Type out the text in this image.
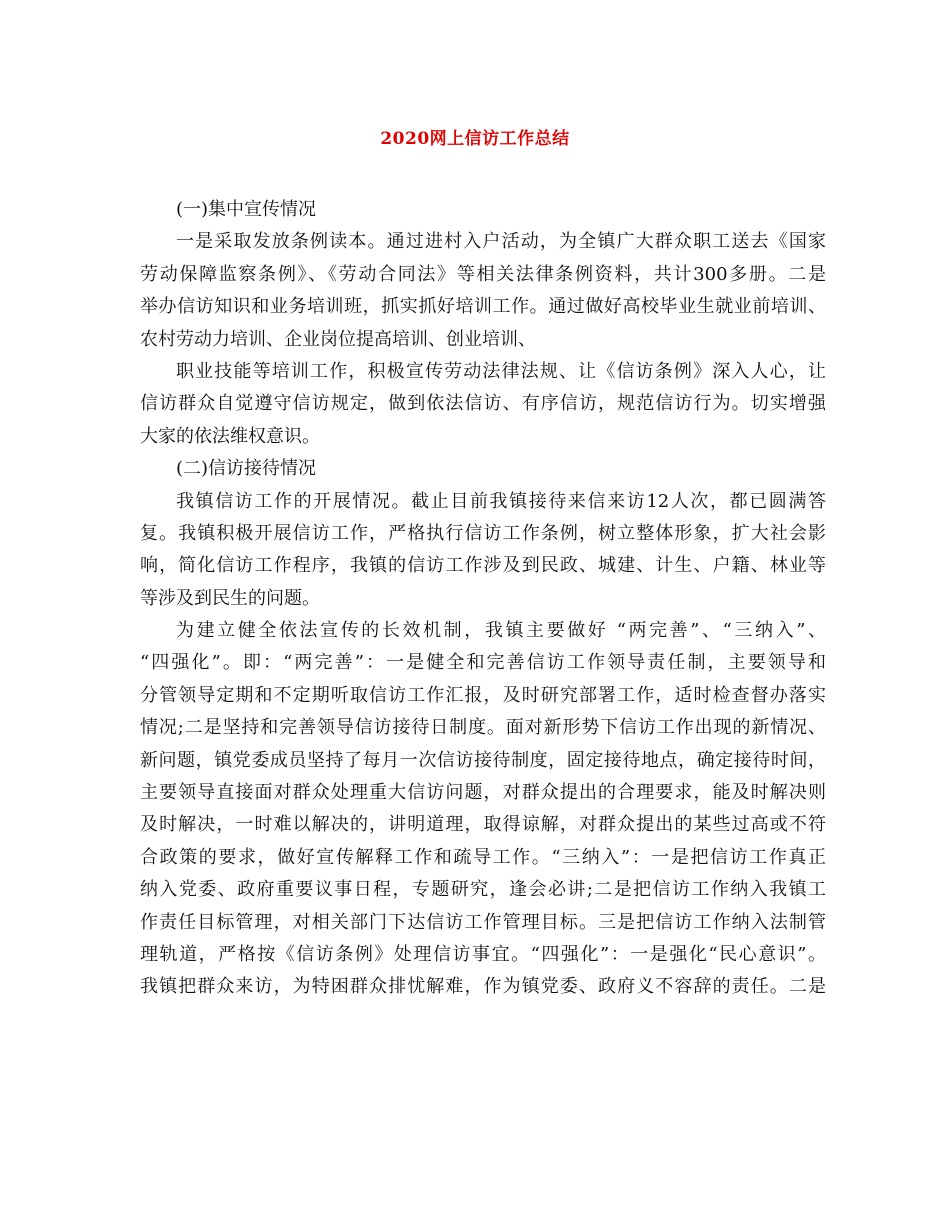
2020网上信访工作总结
(一)集中宣传情况
一是采取发放条例读本。通过进村入户活动，为全镇广大群众职工送去《国家
劳动保障监察条例》、《劳动合同法》等相关法律条例资料，共计300多册。二是
举办信访知识和业务培训班，抓实抓好培训工作。通过做好高校毕业生就业前培训、
农村劳动力培训、企业岗位提高培训、创业培训、
职业技能等培训工作，积极宣传劳动法律法规、让《信访条例》深入人心，让
信访群众自觉遵守信访规定，做到依法信访、有序信访，规范信访行为。切实增强
大家的依法维权意识。
(二)信访接待情况
我镇信访工作的开展情况。截止目前我镇接待来信来访12人次，都已圆满答
复。我镇积极开展信访工作，严格执行信访工作条例，树立整体形象，扩大社会影
响，简化信访工作程序，我镇的信访工作涉及到民政、城建、计生、户籍、林业等
等涉及到民生的问题。
为建立健全依法宣传的长效机制，我镇主要做好 “两完善”、“三纳入”、
“四强化”。即：“两完善”：一是健全和完善信访工作领导责任制，主要领导和
分管领导定期和不定期听取信访工作汇报，及时研究部署工作，适时检查督办落实
情况;二是坚持和完善领导信访接待日制度。面对新形势下信访工作出现的新情况、
新问题，镇党委成员坚持了每月一次信访接待制度，固定接待地点，确定接待时间，
主要领导直接面对群众处理重大信访问题，对群众提出的合理要求，能及时解决则
及时解决，一时难以解决的，讲明道理，取得谅解，对群众提出的某些过高或不符
合政策的要求，做好宣传解释工作和疏导工作。“三纳入”：一是把信访工作真正
纳入党委、政府重要议事日程，专题研究，逢会必讲;二是把信访工作纳入我镇工
作责任目标管理，对相关部门下达信访工作管理目标。三是把信访工作纳入法制管
理轨道，严格按《信访条例》处理信访事宜。“四强化”：一是强化“民心意识”。
我镇把群众来访，为特困群众排忧解难，作为镇党委、政府义不容辞的责任。二是
